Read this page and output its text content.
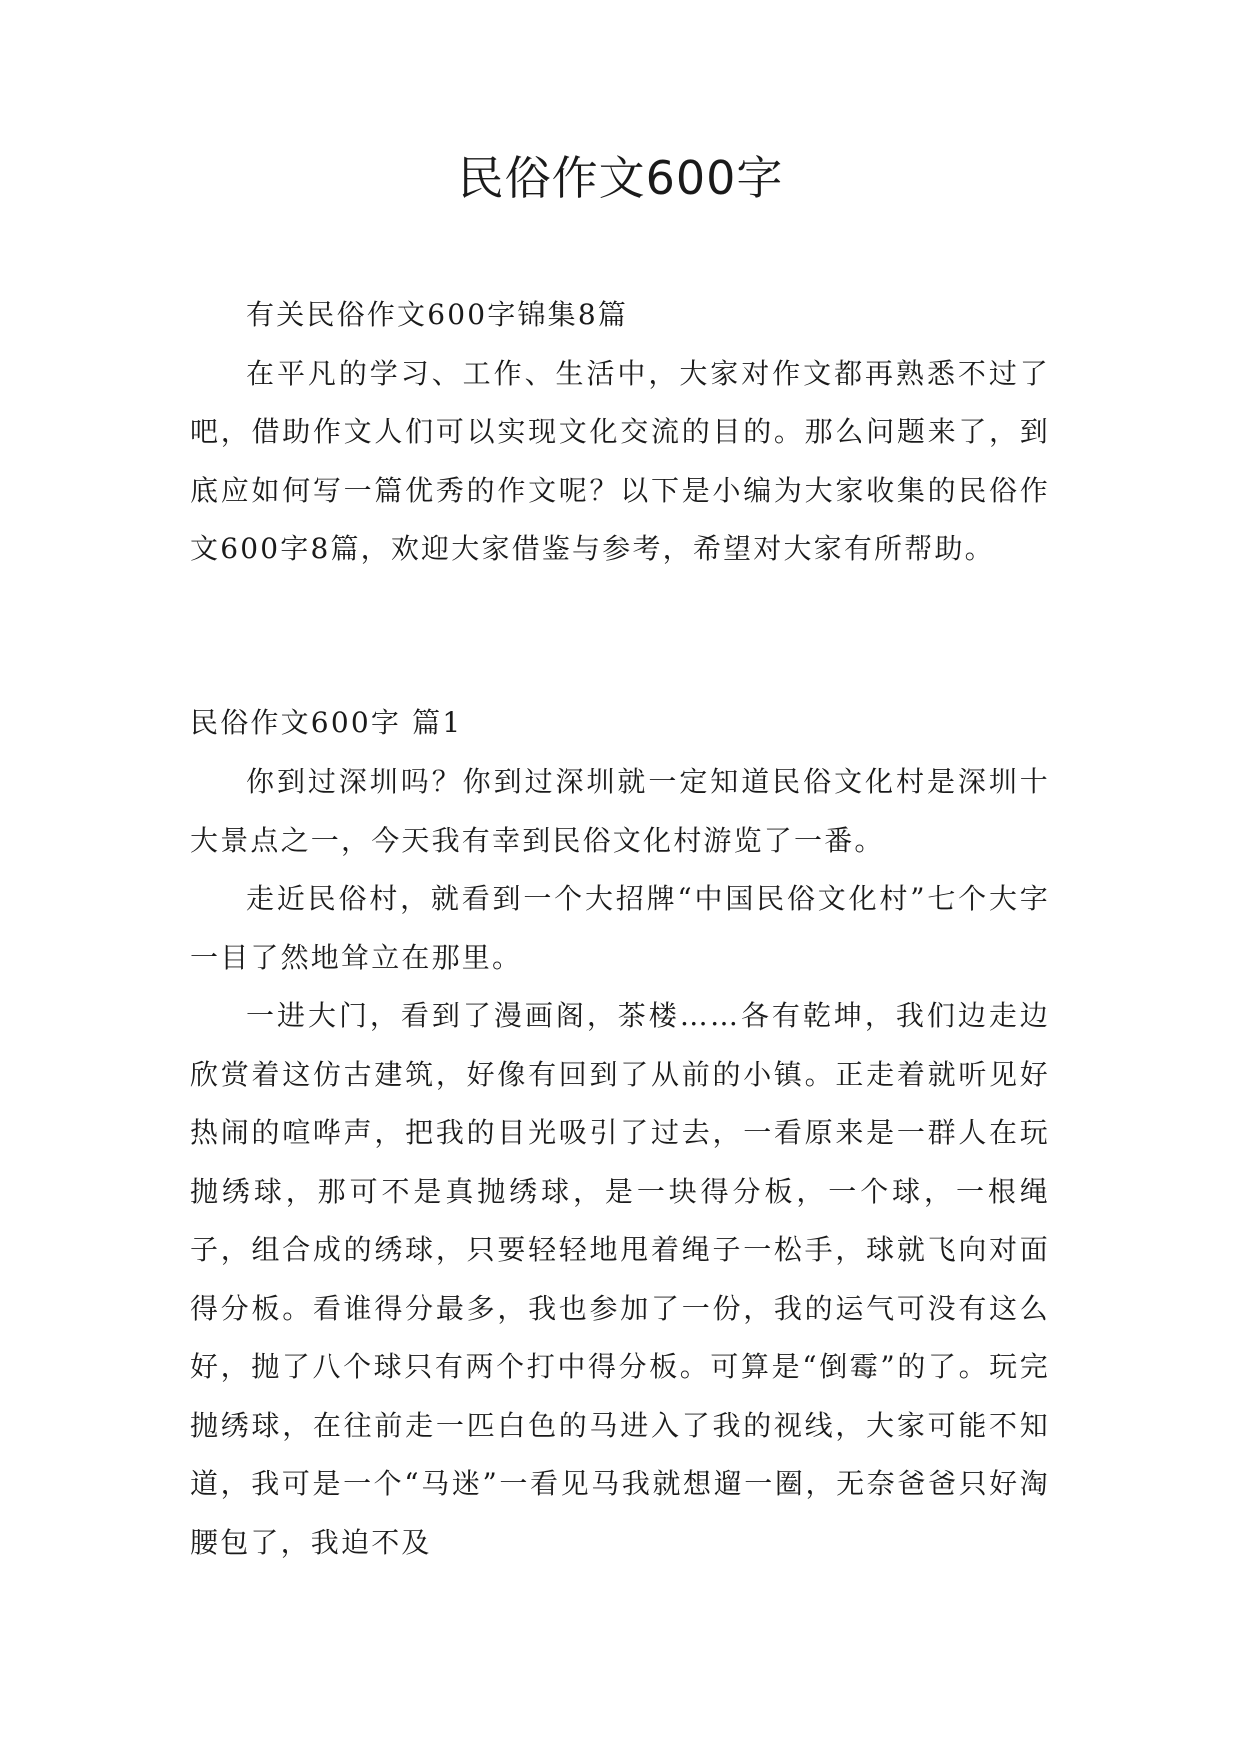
民俗作文600字

有关民俗作文600字锦集8篇

在平凡的学习、工作、生活中，大家对作文都再熟悉不过了吧，借助作文人们可以实现文化交流的目的。那么问题来了，到底应如何写一篇优秀的作文呢？以下是小编为大家收集的民俗作文600字8篇，欢迎大家借鉴与参考，希望对大家有所帮助。

民俗作文600字 篇1

你到过深圳吗？你到过深圳就一定知道民俗文化村是深圳十大景点之一，今天我有幸到民俗文化村游览了一番。

走近民俗村，就看到一个大招牌“中国民俗文化村”七个大字一目了然地耸立在那里。

一进大门，看到了漫画阁，茶楼……各有乾坤，我们边走边欣赏着这仿古建筑，好像有回到了从前的小镇。正走着就听见好热闹的喧哗声，把我的目光吸引了过去，一看原来是一群人在玩抛绣球，那可不是真抛绣球，是一块得分板，一个球，一根绳子，组合成的绣球，只要轻轻地甩着绳子一松手，球就飞向对面得分板。看谁得分最多，我也参加了一份，我的运气可没有这么好，抛了八个球只有两个打中得分板。可算是“倒霉”的了。玩完抛绣球，在往前走一匹白色的马进入了我的视线，大家可能不知道，我可是一个“马迷”一看见马我就想遛一圈，无奈爸爸只好淘腰包了，我迫不及
